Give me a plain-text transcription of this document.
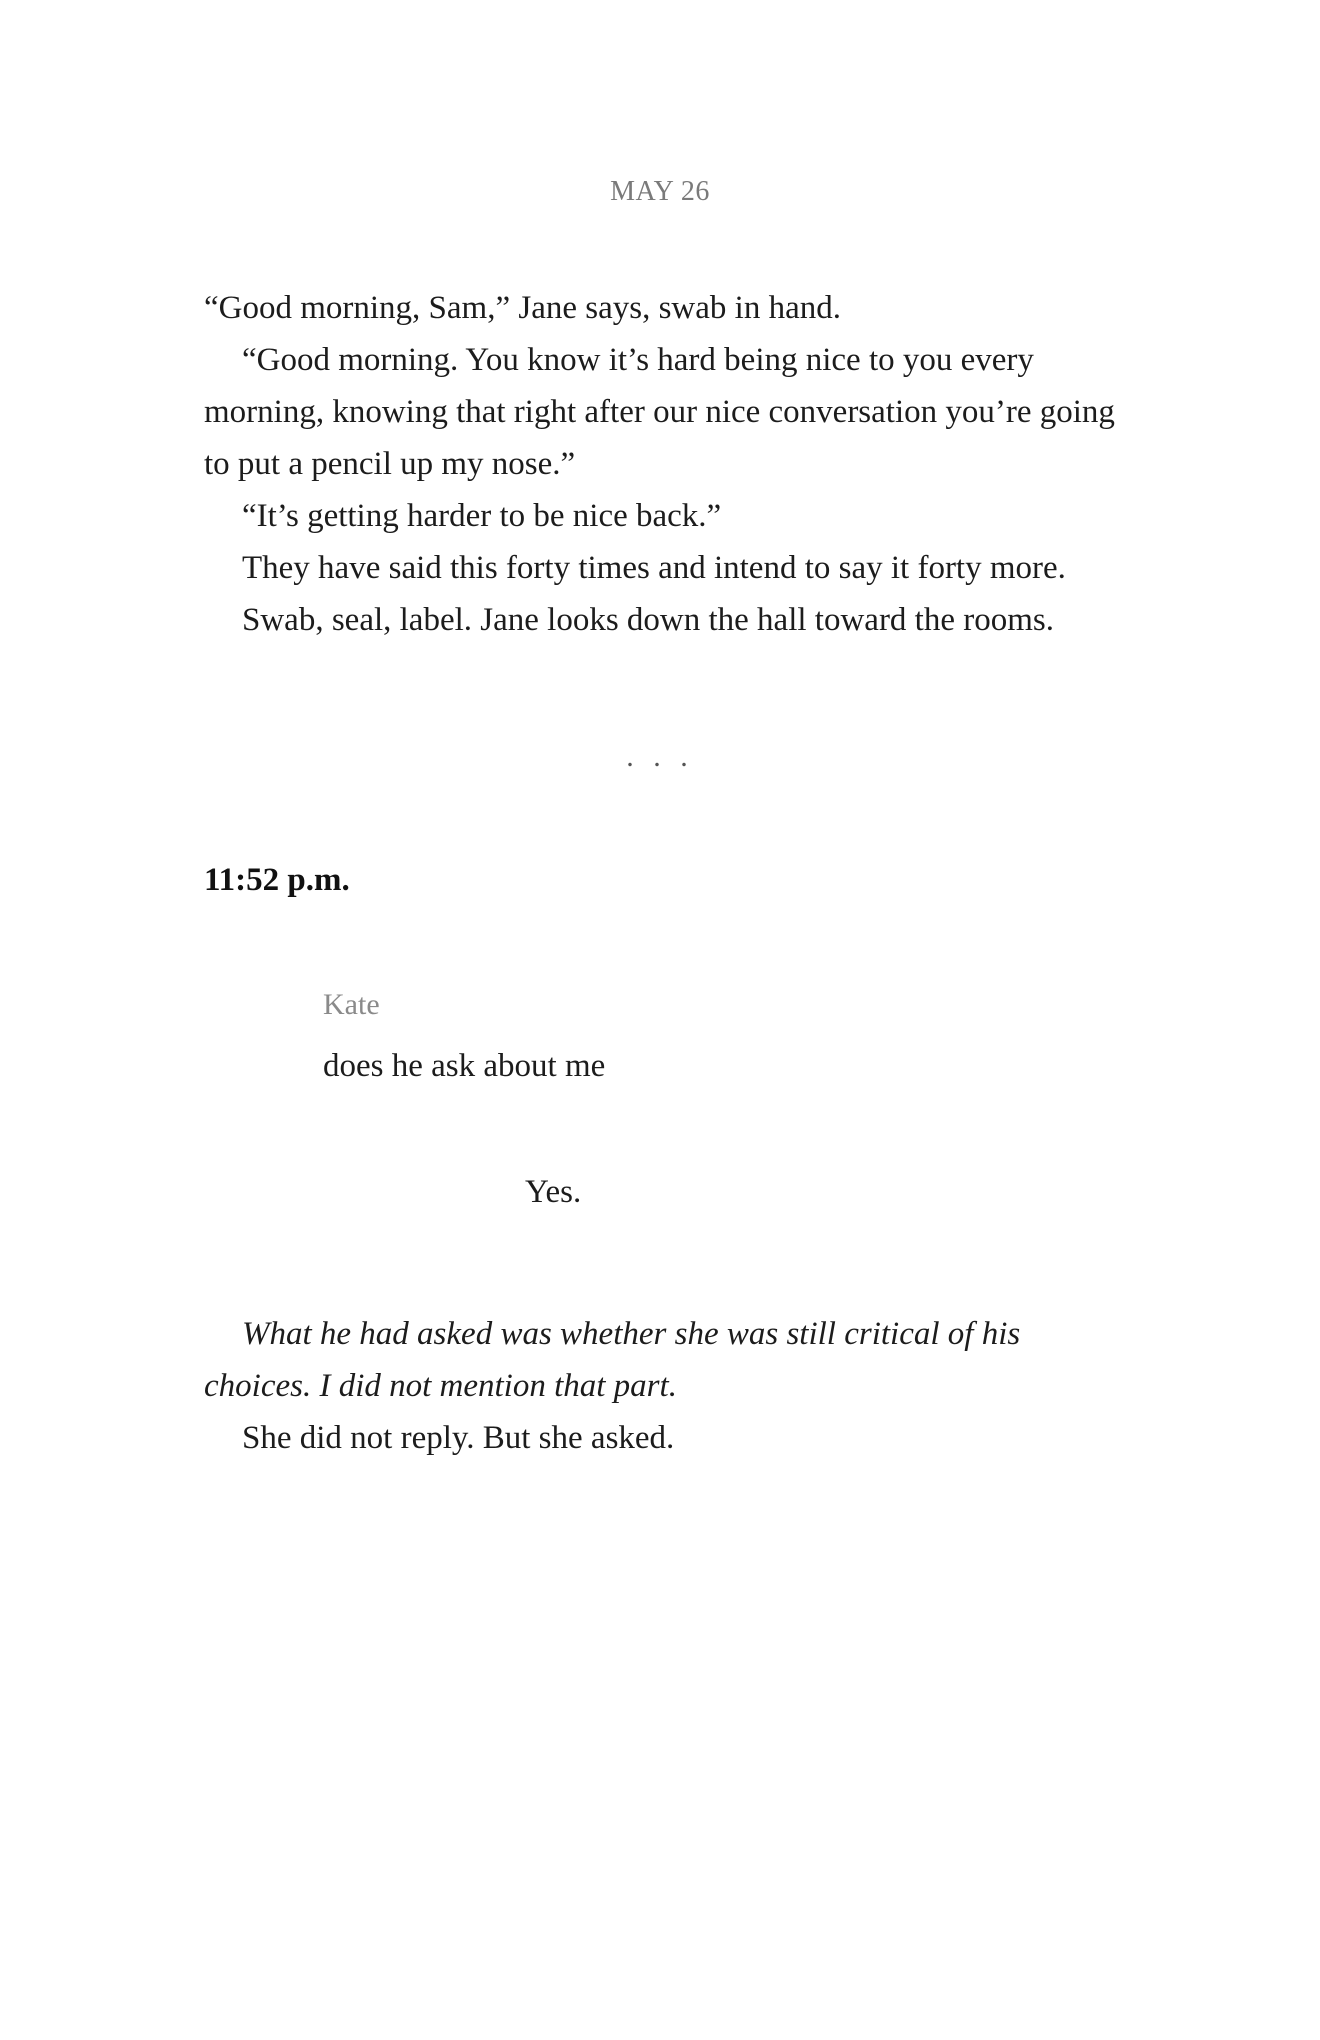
MAY 26

“Good morning, Sam,” Jane says, swab in hand.

“Good morning. You know it’s hard being nice to you every morning, knowing that right after our nice conversation you’re going to put a pencil up my nose.”

“It’s getting harder to be nice back.”

They have said this forty times and intend to say it forty more.

Swab, seal, label. Jane looks down the hall toward the rooms.

. . .
11:52 p.m.
Kate
does he ask about me
Yes.

What he had asked was whether she was still critical of his choices. I did not mention that part.

She did not reply. But she asked.
